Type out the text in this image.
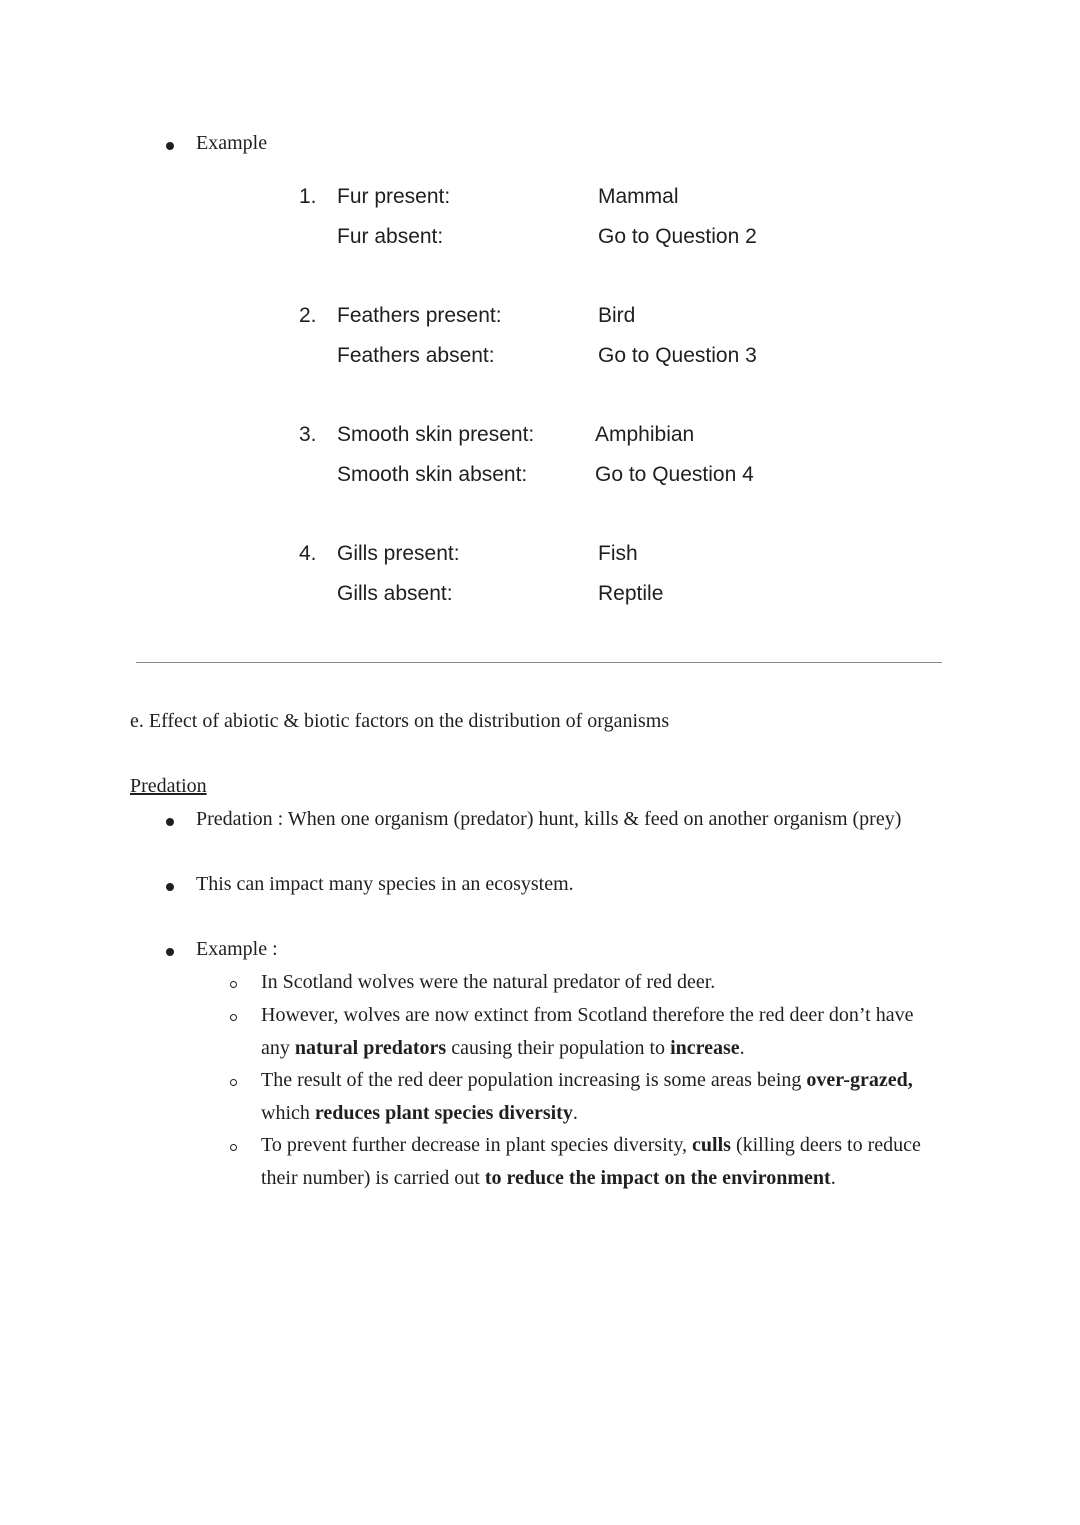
Example
1. Fur present:	Mammal
Fur absent:	Go to Question 2
2. Feathers present:	Bird
Feathers absent:	Go to Question 3
3. Smooth skin present:	Amphibian
Smooth skin absent:	Go to Question 4
4. Gills present:	Fish
Gills absent:	Reptile
e. Effect of abiotic & biotic factors on the distribution of organisms
Predation
Predation : When one organism (predator) hunt, kills & feed on another organism (prey)
This can impact many species in an ecosystem.
Example :
In Scotland wolves were the natural predator of red deer.
However, wolves are now extinct from Scotland therefore the red deer don’t have
any natural predators causing their population to increase.
The result of the red deer population increasing is some areas being over-grazed,
which reduces plant species diversity.
To prevent further decrease in plant species diversity, culls (killing deers to reduce
their number) is carried out to reduce the impact on the environment.
